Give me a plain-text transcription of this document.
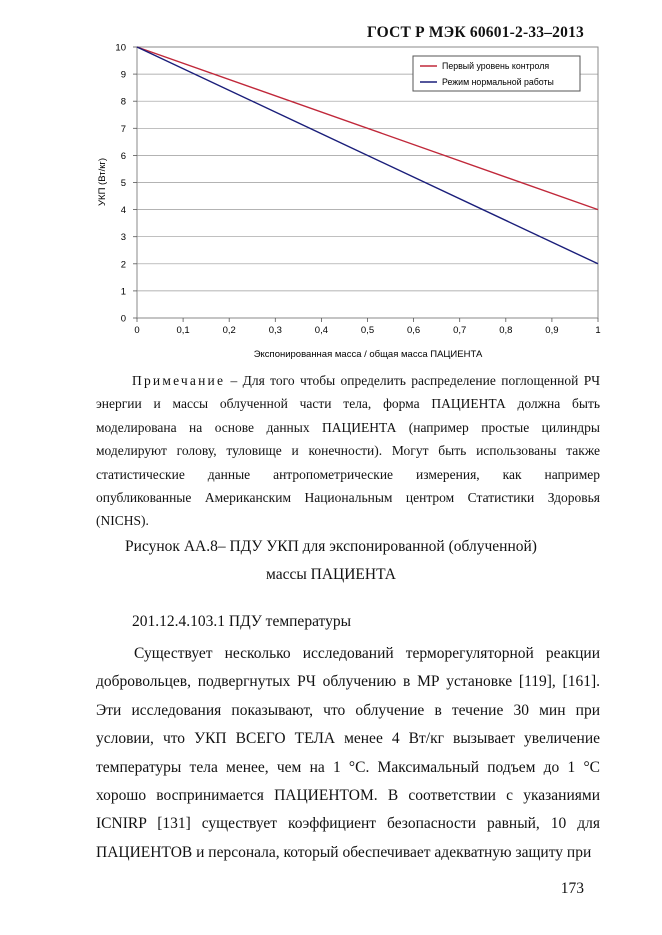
ГОСТ Р МЭК 60601-2-33–2013
0
1
2
3
4
5
6
7
8
9
10
0	0,1	0,2	0,3	0,4	0,5	0,6	0,7	0,8	0,9	1
УКП (Вт/кг)
Экспонированная масса / общая масса ПАЦИЕНТА
Первый уровень контроля
Режим нормальной работы
Примечание – Для того чтобы определить распределение поглощенной РЧ энергии и массы облученной части тела, форма ПАЦИЕНТА должна быть моделирована на основе данных ПАЦИЕНТА (например простые цилиндры моделируют голову, туловище и конечности). Могут быть использованы также статистические данные антропометрические измерения, как например опубликованные Американским Национальным центром Статистики Здоровья (NICHS).
Рисунок АА.8– ПДУ УКП для экспонированной (облученной)
массы ПАЦИЕНТА
201.12.4.103.1 ПДУ температуры
Существует несколько исследований терморегуляторной реакции добровольцев, подвергнутых РЧ облучению в МР установке [119], [161]. Эти исследования показывают, что облучение в течение 30 мин при условии, что УКП ВСЕГО ТЕЛА менее 4 Вт/кг вызывает увеличение температуры тела менее, чем на 1 °С. Максимальный подъем до 1 °С хорошо воспринимается ПАЦИЕНТОМ. В соответствии с указаниями ICNIRP [131] существует коэффициент безопасности равный, 10 для ПАЦИЕНТОВ и персонала, который обеспечивает адекватную защиту при
173
